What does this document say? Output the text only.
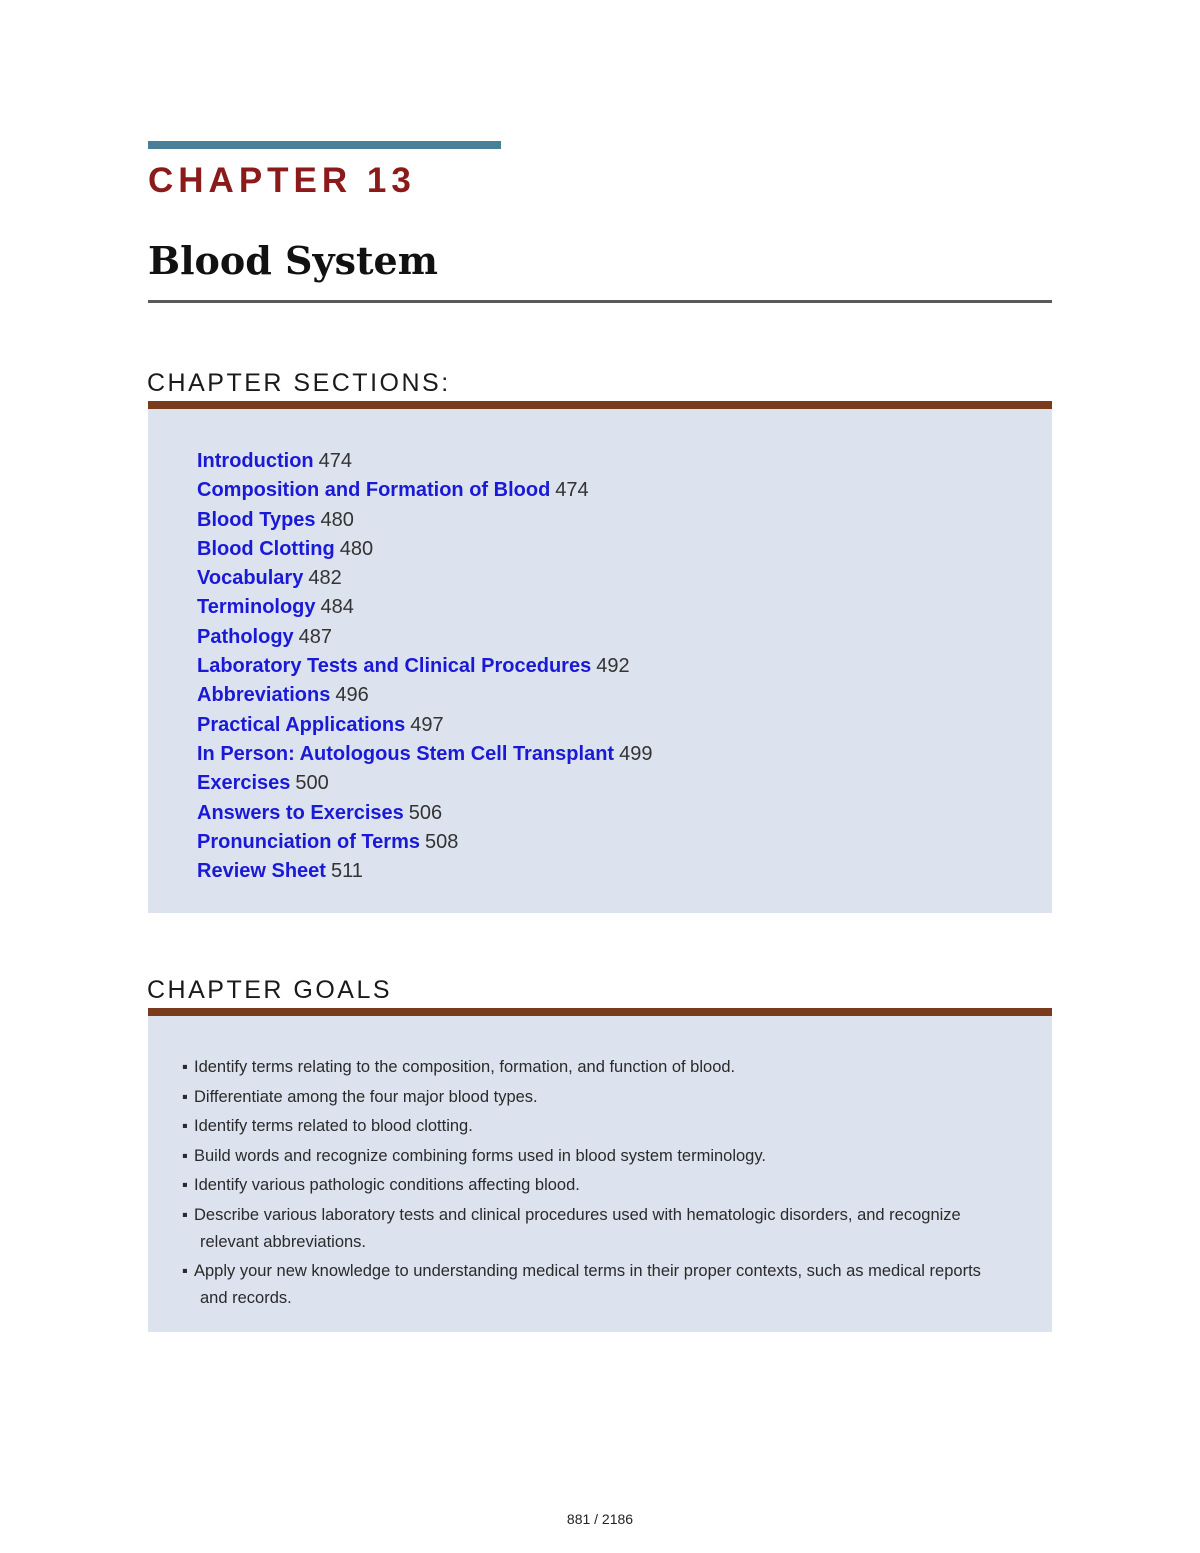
CHAPTER 13
Blood System
CHAPTER SECTIONS:
Introduction 474
Composition and Formation of Blood 474
Blood Types 480
Blood Clotting 480
Vocabulary 482
Terminology 484
Pathology 487
Laboratory Tests and Clinical Procedures 492
Abbreviations 496
Practical Applications 497
In Person: Autologous Stem Cell Transplant 499
Exercises 500
Answers to Exercises 506
Pronunciation of Terms 508
Review Sheet 511
CHAPTER GOALS
▪ Identify terms relating to the composition, formation, and function of blood.
▪ Differentiate among the four major blood types.
▪ Identify terms related to blood clotting.
▪ Build words and recognize combining forms used in blood system terminology.
▪ Identify various pathologic conditions affecting blood.
▪ Describe various laboratory tests and clinical procedures used with hematologic disorders, and recognize relevant abbreviations.
▪ Apply your new knowledge to understanding medical terms in their proper contexts, such as medical reports and records.
881 / 2186
